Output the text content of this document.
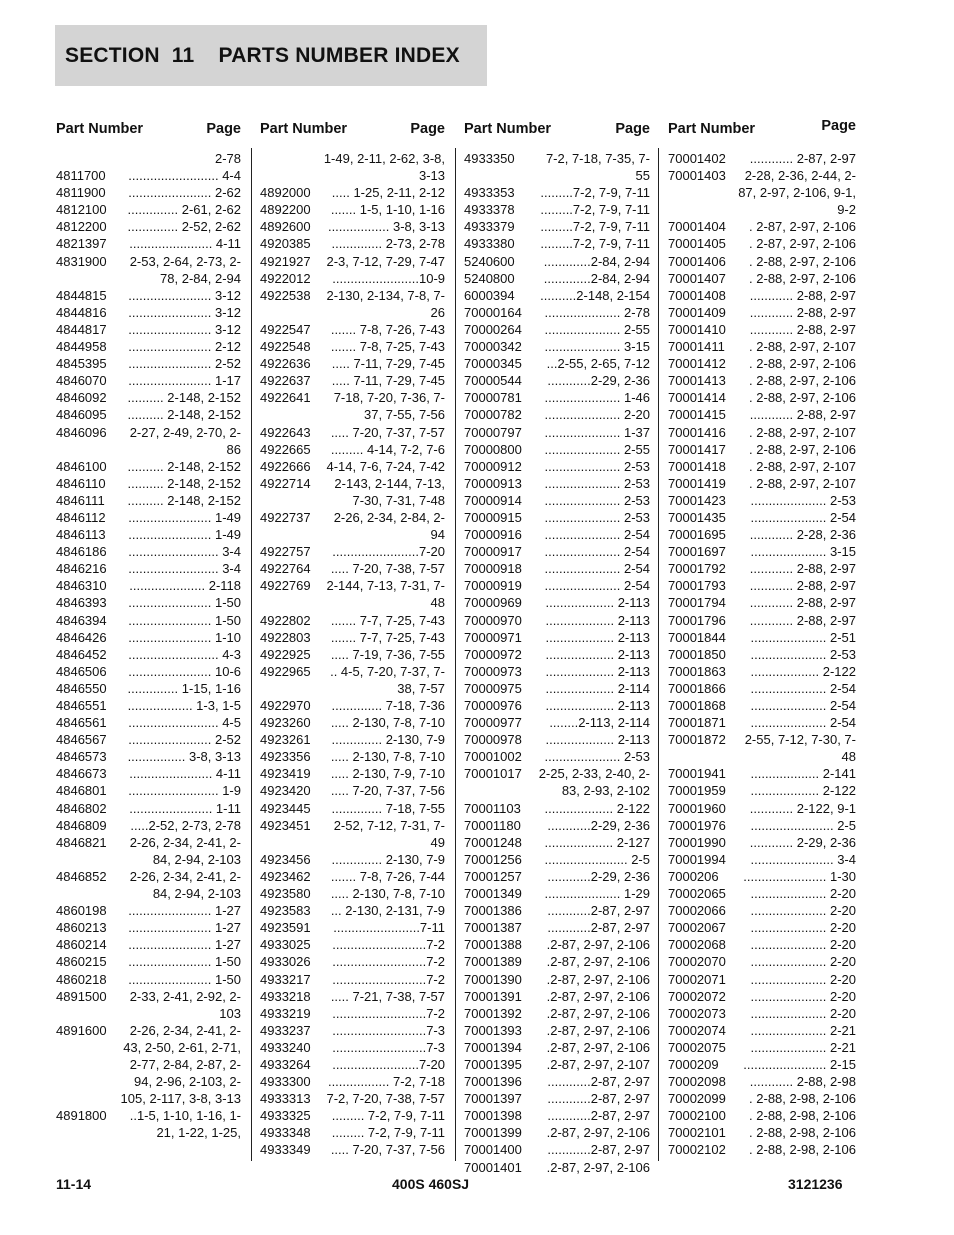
SECTION  11    PARTS NUMBER INDEX
Part Number	Page
2-78
4811700	......................... 4-4
4811900	....................... 2-62
4812100	.............. 2-61, 2-62
4812200	.............. 2-52, 2-62
4821397	....................... 4-11
4831900	2-53, 2-64, 2-73, 2-78, 2-84, 2-94
4844815	....................... 3-12
4844816	....................... 3-12
4844817	....................... 3-12
4844958	....................... 2-12
4845395	....................... 2-52
4846070	....................... 1-17
4846092	.......... 2-148, 2-152
4846095	.......... 2-148, 2-152
4846096	2-27, 2-49, 2-70, 2-86
4846100	.......... 2-148, 2-152
4846110	.......... 2-148, 2-152
4846111	.......... 2-148, 2-152
4846112	....................... 1-49
4846113	....................... 1-49
4846186	......................... 3-4
4846216	......................... 3-4
4846310	..................... 2-118
4846393	....................... 1-50
4846394	....................... 1-50
4846426	....................... 1-10
4846452	......................... 4-3
4846506	....................... 10-6
4846550	.............. 1-15, 1-16
4846551	.................. 1-3, 1-5
4846561	......................... 4-5
4846567	....................... 2-52
4846573	................ 3-8, 3-13
4846673	....................... 4-11
4846801	......................... 1-9
4846802	....................... 1-11
4846809	.....2-52, 2-73, 2-78
4846821	2-26, 2-34, 2-41, 2-84, 2-94, 2-103
4846852	2-26, 2-34, 2-41, 2-84, 2-94, 2-103
4860198	....................... 1-27
4860213	....................... 1-27
4860214	....................... 1-27
4860215	....................... 1-50
4860218	....................... 1-50
4891500	2-33, 2-41, 2-92, 2-103
4891600	2-26, 2-34, 2-41, 2-43, 2-50, 2-61, 2-71, 2-77, 2-84, 2-87, 2-94, 2-96, 2-103, 2-105, 2-117, 3-8, 3-13
4891800	..1-5, 1-10, 1-16, 1-21, 1-22, 1-25,
Part Number	Page
1-49, 2-11, 2-62, 3-8, 3-13
4892000	..... 1-25, 2-11, 2-12
4892200	....... 1-5, 1-10, 1-16
4892600	................. 3-8, 3-13
4920385	.............. 2-73, 2-78
4921927	2-3, 7-12, 7-29, 7-47
4922012	........................10-9
4922538	2-130, 2-134, 7-8, 7-26
4922547	....... 7-8, 7-26, 7-43
4922548	....... 7-8, 7-25, 7-43
4922636	..... 7-11, 7-29, 7-45
4922637	..... 7-11, 7-29, 7-45
4922641	7-18, 7-20, 7-36, 7-37, 7-55, 7-56
4922643	..... 7-20, 7-37, 7-57
4922665	......... 4-14, 7-2, 7-6
4922666	4-14, 7-6, 7-24, 7-42
4922714	2-143, 2-144, 7-13, 7-30, 7-31, 7-48
4922737	2-26, 2-34, 2-84, 2-94
4922757	........................7-20
4922764	..... 7-20, 7-38, 7-57
4922769	2-144, 7-13, 7-31, 7-48
4922802	....... 7-7, 7-25, 7-43
4922803	....... 7-7, 7-25, 7-43
4922925	..... 7-19, 7-36, 7-55
4922965	.. 4-5, 7-20, 7-37, 7-38, 7-57
4922970	.............. 7-18, 7-36
4923260	..... 2-130, 7-8, 7-10
4923261	.............. 2-130, 7-9
4923356	..... 2-130, 7-8, 7-10
4923419	..... 2-130, 7-9, 7-10
4923420	..... 7-20, 7-37, 7-56
4923445	.............. 7-18, 7-55
4923451	2-52, 7-12, 7-31, 7-49
4923456	.............. 2-130, 7-9
4923462	....... 7-8, 7-26, 7-44
4923580	..... 2-130, 7-8, 7-10
4923583	... 2-130, 2-131, 7-9
4923591	........................7-11
4933025	..........................7-2
4933026	..........................7-2
4933217	..........................7-2
4933218	..... 7-21, 7-38, 7-57
4933219	..........................7-2
4933237	..........................7-3
4933240	..........................7-3
4933264	........................7-20
4933300	................. 7-2, 7-18
4933313	7-2, 7-20, 7-38, 7-57
4933325	......... 7-2, 7-9, 7-11
4933348	......... 7-2, 7-9, 7-11
4933349	..... 7-20, 7-37, 7-56
Part Number	Page
4933350	7-2, 7-18, 7-35, 7-55
4933353	.........7-2, 7-9, 7-11
4933378	.........7-2, 7-9, 7-11
4933379	.........7-2, 7-9, 7-11
4933380	.........7-2, 7-9, 7-11
5240600	.............2-84, 2-94
5240800	.............2-84, 2-94
6000394	..........2-148, 2-154
70000164	..................... 2-78
70000264	..................... 2-55
70000342	..................... 3-15
70000345	...2-55, 2-65, 7-12
70000544	............2-29, 2-36
70000781	..................... 1-46
70000782	..................... 2-20
70000797	..................... 1-37
70000800	..................... 2-55
70000912	..................... 2-53
70000913	..................... 2-53
70000914	..................... 2-53
70000915	..................... 2-53
70000916	..................... 2-54
70000917	..................... 2-54
70000918	..................... 2-54
70000919	..................... 2-54
70000969	................... 2-113
70000970	................... 2-113
70000971	................... 2-113
70000972	................... 2-113
70000973	................... 2-113
70000975	................... 2-114
70000976	................... 2-113
70000977	........2-113, 2-114
70000978	................... 2-113
70001002	..................... 2-53
70001017	2-25, 2-33, 2-40, 2-83, 2-93, 2-102
70001103	................... 2-122
70001180	............2-29, 2-36
70001248	................... 2-127
70001256	....................... 2-5
70001257	............2-29, 2-36
70001349	..................... 1-29
70001386	............2-87, 2-97
70001387	............2-87, 2-97
70001388	.2-87, 2-97, 2-106
70001389	.2-87, 2-97, 2-106
70001390	.2-87, 2-97, 2-106
70001391	.2-87, 2-97, 2-106
70001392	.2-87, 2-97, 2-106
70001393	.2-87, 2-97, 2-106
70001394	.2-87, 2-97, 2-106
70001395	.2-87, 2-97, 2-107
70001396	............2-87, 2-97
70001397	............2-87, 2-97
70001398	............2-87, 2-97
70001399	.2-87, 2-97, 2-106
70001400	............2-87, 2-97
70001401	.2-87, 2-97, 2-106
Part Number	Page
70001402	............ 2-87, 2-97
70001403	2-28, 2-36, 2-44, 2-87, 2-97, 2-106, 9-1, 9-2
70001404	. 2-87, 2-97, 2-106
70001405	. 2-87, 2-97, 2-106
70001406	. 2-88, 2-97, 2-106
70001407	. 2-88, 2-97, 2-106
70001408	............ 2-88, 2-97
70001409	............ 2-88, 2-97
70001410	............ 2-88, 2-97
70001411	. 2-88, 2-97, 2-107
70001412	. 2-88, 2-97, 2-106
70001413	. 2-88, 2-97, 2-106
70001414	. 2-88, 2-97, 2-106
70001415	............ 2-88, 2-97
70001416	. 2-88, 2-97, 2-107
70001417	. 2-88, 2-97, 2-106
70001418	. 2-88, 2-97, 2-107
70001419	. 2-88, 2-97, 2-107
70001423	..................... 2-53
70001435	..................... 2-54
70001695	............ 2-28, 2-36
70001697	..................... 3-15
70001792	............ 2-88, 2-97
70001793	............ 2-88, 2-97
70001794	............ 2-88, 2-97
70001796	............ 2-88, 2-97
70001844	..................... 2-51
70001850	..................... 2-53
70001863	................... 2-122
70001866	..................... 2-54
70001868	..................... 2-54
70001871	..................... 2-54
70001872	2-55, 7-12, 7-30, 7-48
70001941	................... 2-141
70001959	................... 2-122
70001960	............ 2-122, 9-1
70001976	....................... 2-5
70001990	............ 2-29, 2-36
70001994	....................... 3-4
7000206	....................... 1-30
70002065	..................... 2-20
70002066	..................... 2-20
70002067	..................... 2-20
70002068	..................... 2-20
70002070	..................... 2-20
70002071	..................... 2-20
70002072	..................... 2-20
70002073	..................... 2-20
70002074	..................... 2-21
70002075	..................... 2-21
7000209	....................... 2-15
70002098	............ 2-88, 2-98
70002099	. 2-88, 2-98, 2-106
70002100	. 2-88, 2-98, 2-106
70002101	. 2-88, 2-98, 2-106
70002102	. 2-88, 2-98, 2-106
11-14	400S 460SJ	3121236
